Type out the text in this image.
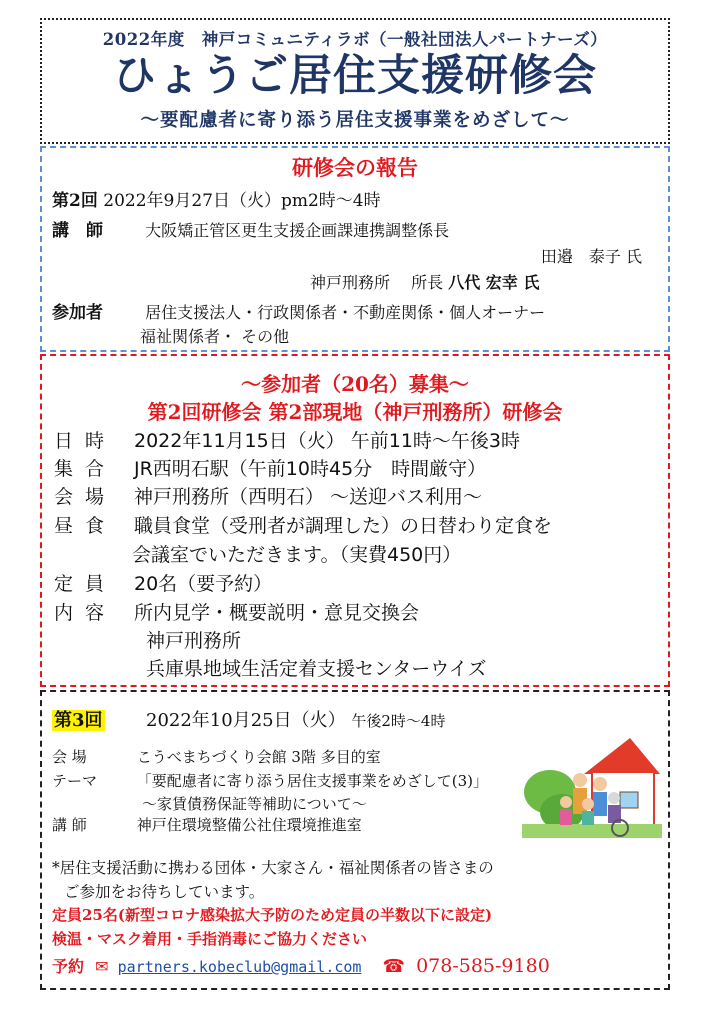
2022年度　神戸コミュニティラボ（一般社団法人パートナーズ）
ひょうご居住支援研修会
～要配慮者に寄り添う居住支援事業をめざして～
研修会の報告
第2回 2022年9月27日（火）pm2時～4時
講　師	大阪矯正管区更生支援企画課連携調整係長
田邉　泰子 氏
神戸刑務所　 所長 八代 宏幸 氏
参加者	居住支援法人・行政関係者・不動産関係・個人オーナー
福祉関係者・ その他
～参加者（20名）募集～
第2回研修会 第2部現地（神戸刑務所）研修会
日 時 2022年11月15日（火） 午前11時～午後3時
集 合 JR西明石駅（午前10時45分　時間厳守）
会 場 神戸刑務所（西明石） ～送迎バス利用～
昼 食 職員食堂（受刑者が調理した）の日替わり定食を
会議室でいただきます。（実費450円）
定 員 20名（要予約）
内 容 所内見学・概要説明・意見交換会
神戸刑務所
兵庫県地域生活定着支援センターウイズ
第3回 2022年10月25日（火） 午後2時～4時
会 場	こうべまちづくり会館 3階 多目的室
テーマ	「要配慮者に寄り添う居住支援事業をめざして(3)」
～家賃債務保証等補助について～
講 師	神戸住環境整備公社住環境推進室
*居住支援活動に携わる団体・大家さん・福祉関係者の皆さまの
ご参加をお待ちしています。
定員25名(新型コロナ感染拡大予防のため定員の半数以下に設定)
検温・マスク着用・手指消毒にご協力ください
予約 ✉ partners.kobeclub@gmail.com ☎ 078-585-9180
